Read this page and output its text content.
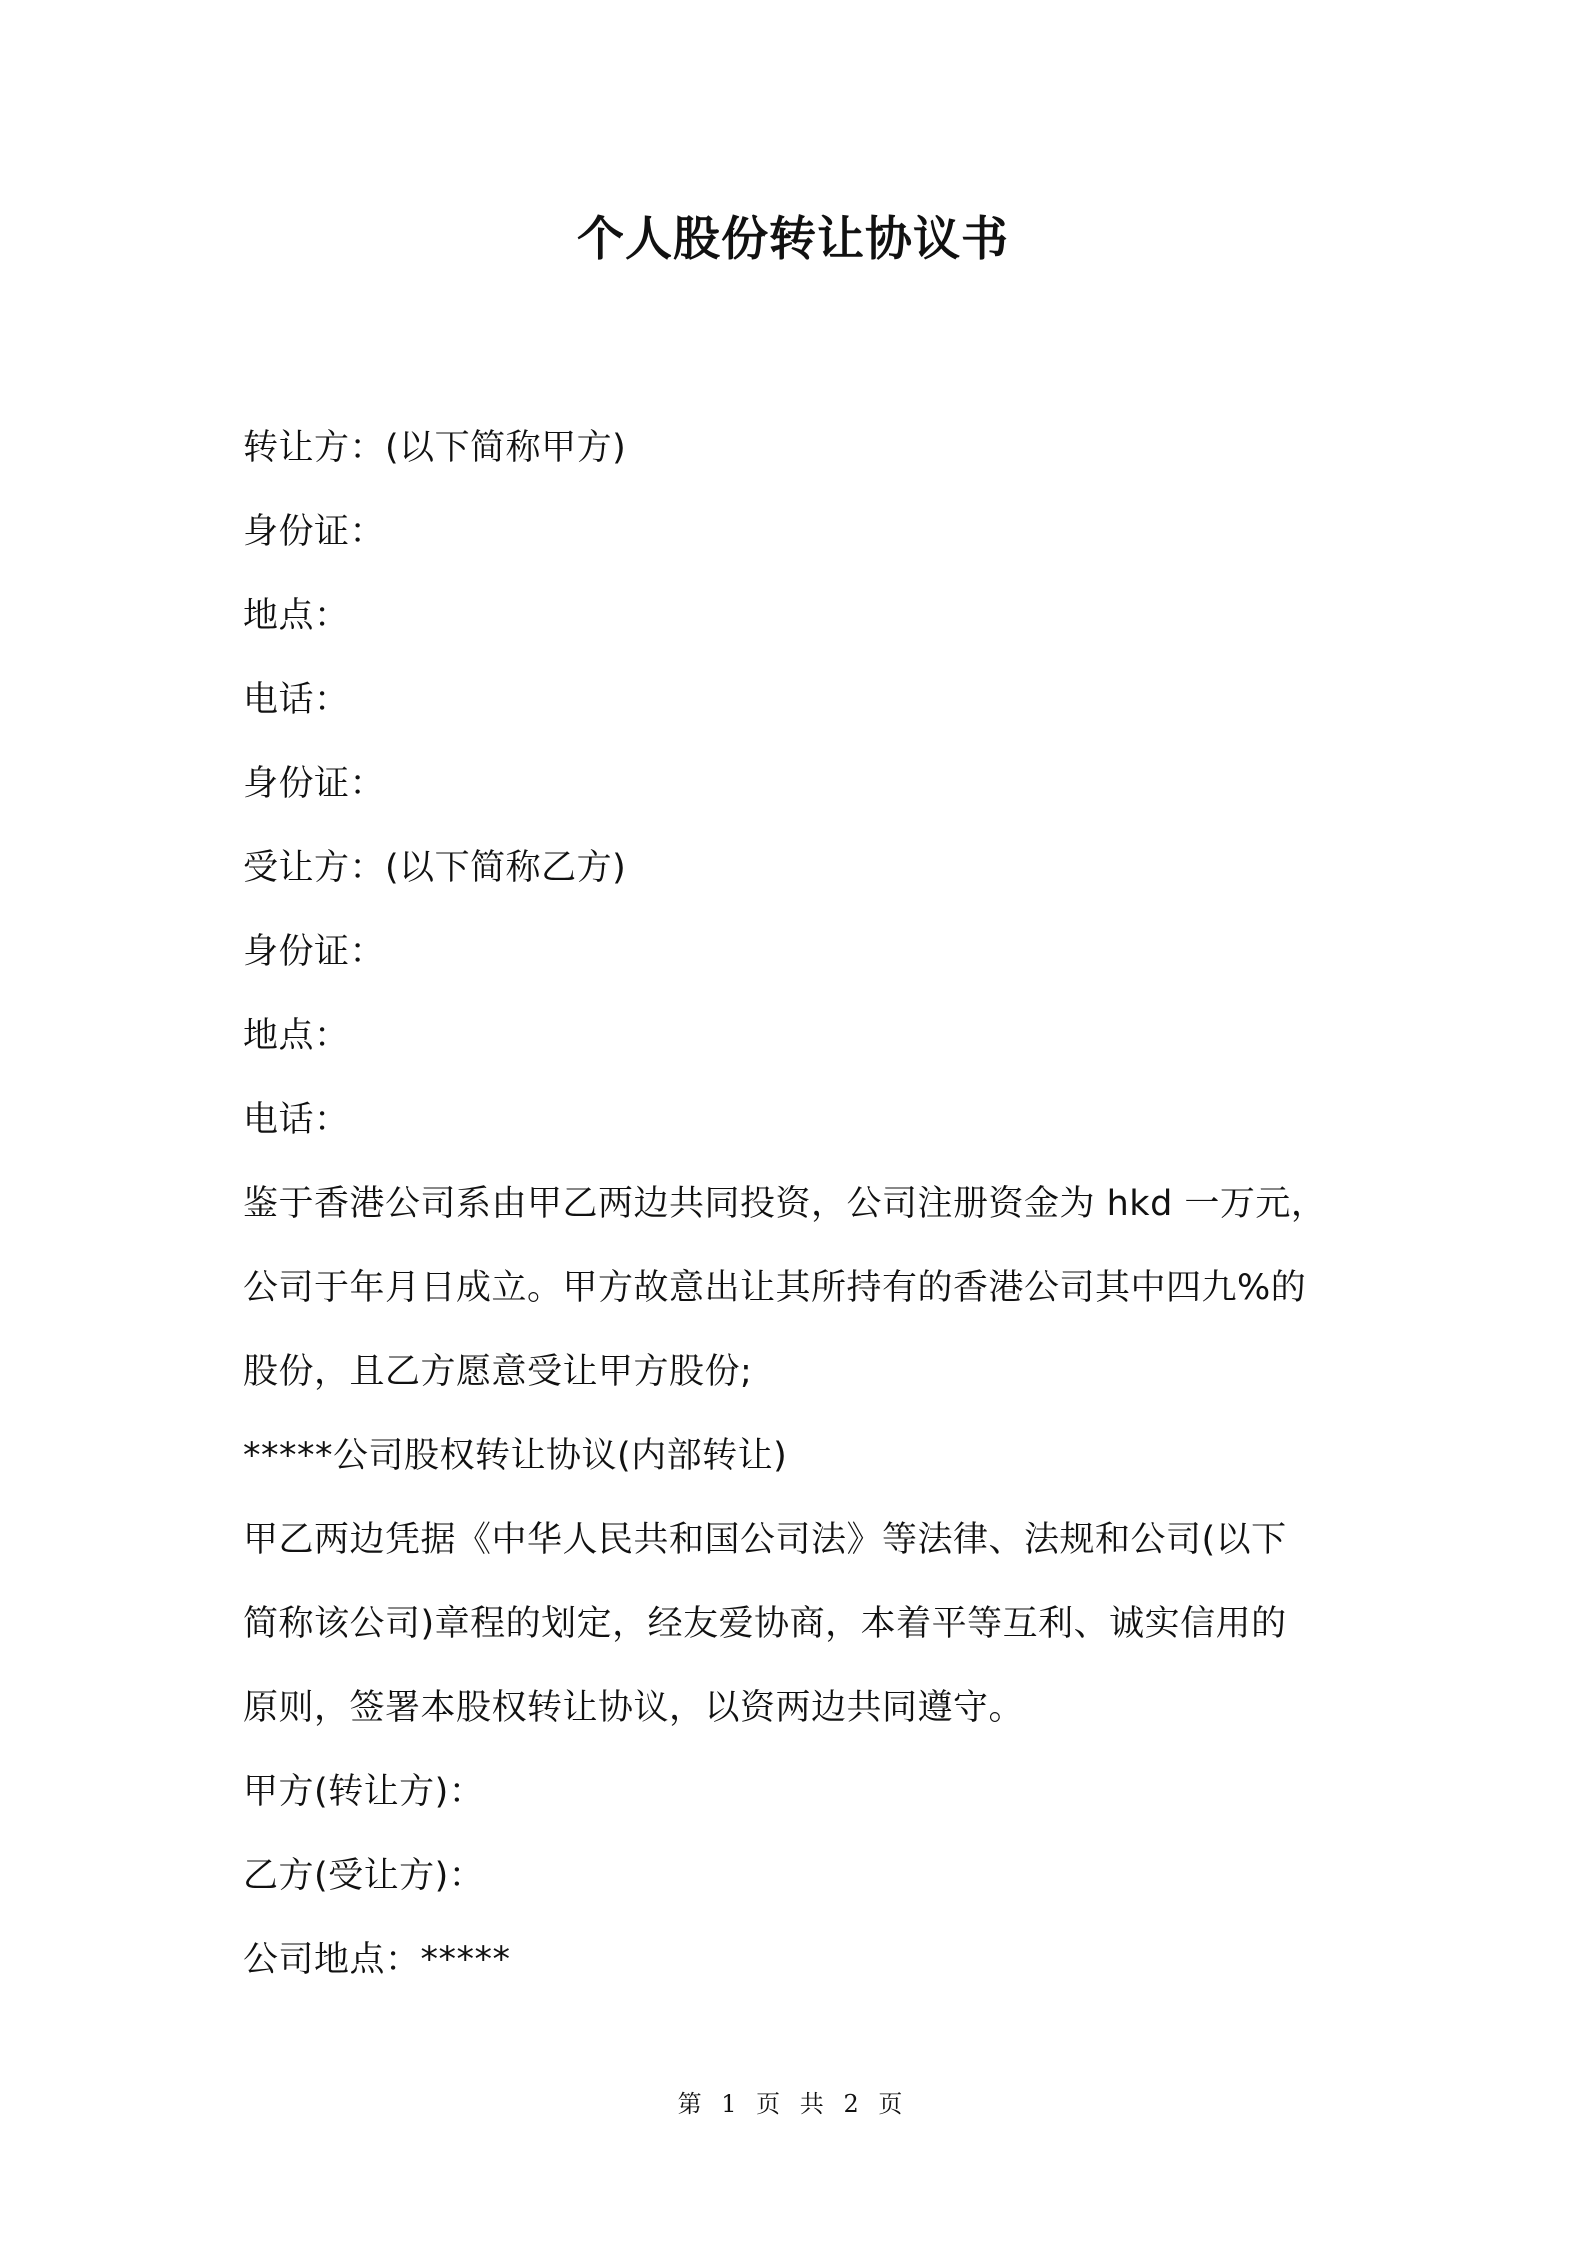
个人股份转让协议书
转让方：(以下简称甲方)
身份证：
地点：
电话：
身份证：
受让方：(以下简称乙方)
身份证：
地点：
电话：
鉴于香港公司系由甲乙两边共同投资，公司注册资金为 hkd 一万元，
公司于年月日成立。甲方故意出让其所持有的香港公司其中四九%的
股份，且乙方愿意受让甲方股份;
*****公司股权转让协议(内部转让)
甲乙两边凭据《中华人民共和国公司法》等法律、法规和公司(以下
简称该公司)章程的划定，经友爱协商，本着平等互利、诚实信用的
原则，签署本股权转让协议，以资两边共同遵守。
甲方(转让方)：
乙方(受让方)：
公司地点：*****
第 1 页 共 2 页
